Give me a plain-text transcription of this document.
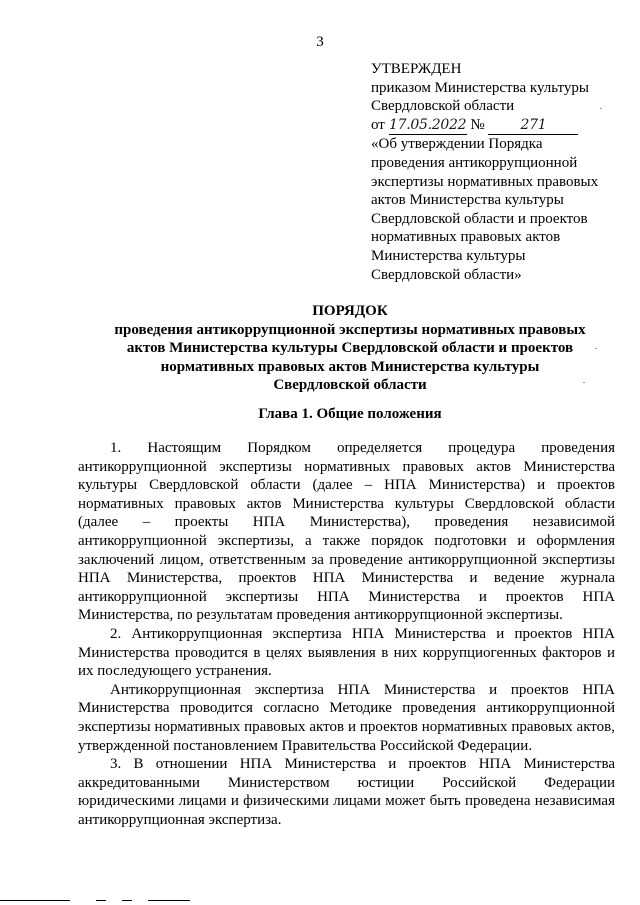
3
УТВЕРЖДЕН
приказом Министерства культуры
Свердловской области
от 17.05.2022 №	271
«Об утверждении Порядка
проведения антикоррупционной
экспертизы нормативных правовых
актов Министерства культуры
Свердловской области и проектов
нормативных правовых актов
Министерства культуры
Свердловской области»
ПОРЯДОК
проведения антикоррупционной экспертизы нормативных правовых
актов Министерства культуры Свердловской области и проектов
нормативных правовых актов Министерства культуры
Свердловской области
Глава 1. Общие положения

1. Настоящим Порядком определяется процедура проведения антикоррупционной экспертизы нормативных правовых актов Министерства культуры Свердловской области (далее – НПА Министерства) и проектов нормативных правовых актов Министерства культуры Свердловской области (далее – проекты НПА Министерства), проведения независимой антикоррупционной экспертизы, а также порядок подготовки и оформления заключений лицом, ответственным за проведение антикоррупционной экспертизы НПА Министерства, проектов НПА Министерства и ведение журнала антикоррупционной экспертизы НПА Министерства и проектов НПА Министерства, по результатам проведения антикоррупционной экспертизы.

2. Антикоррупционная экспертиза НПА Министерства и проектов НПА Министерства проводится в целях выявления в них коррупциогенных факторов и их последующего устранения.

Антикоррупционная экспертиза НПА Министерства и проектов НПА Министерства проводится согласно Методике проведения антикоррупционной экспертизы нормативных правовых актов и проектов нормативных правовых актов, утвержденной постановлением Правительства Российской Федерации.

3. В отношении НПА Министерства и проектов НПА Министерства аккредитованными Министерством юстиции Российской Федерации юридическими лицами и физическими лицами может быть проведена независимая антикоррупционная экспертиза.
